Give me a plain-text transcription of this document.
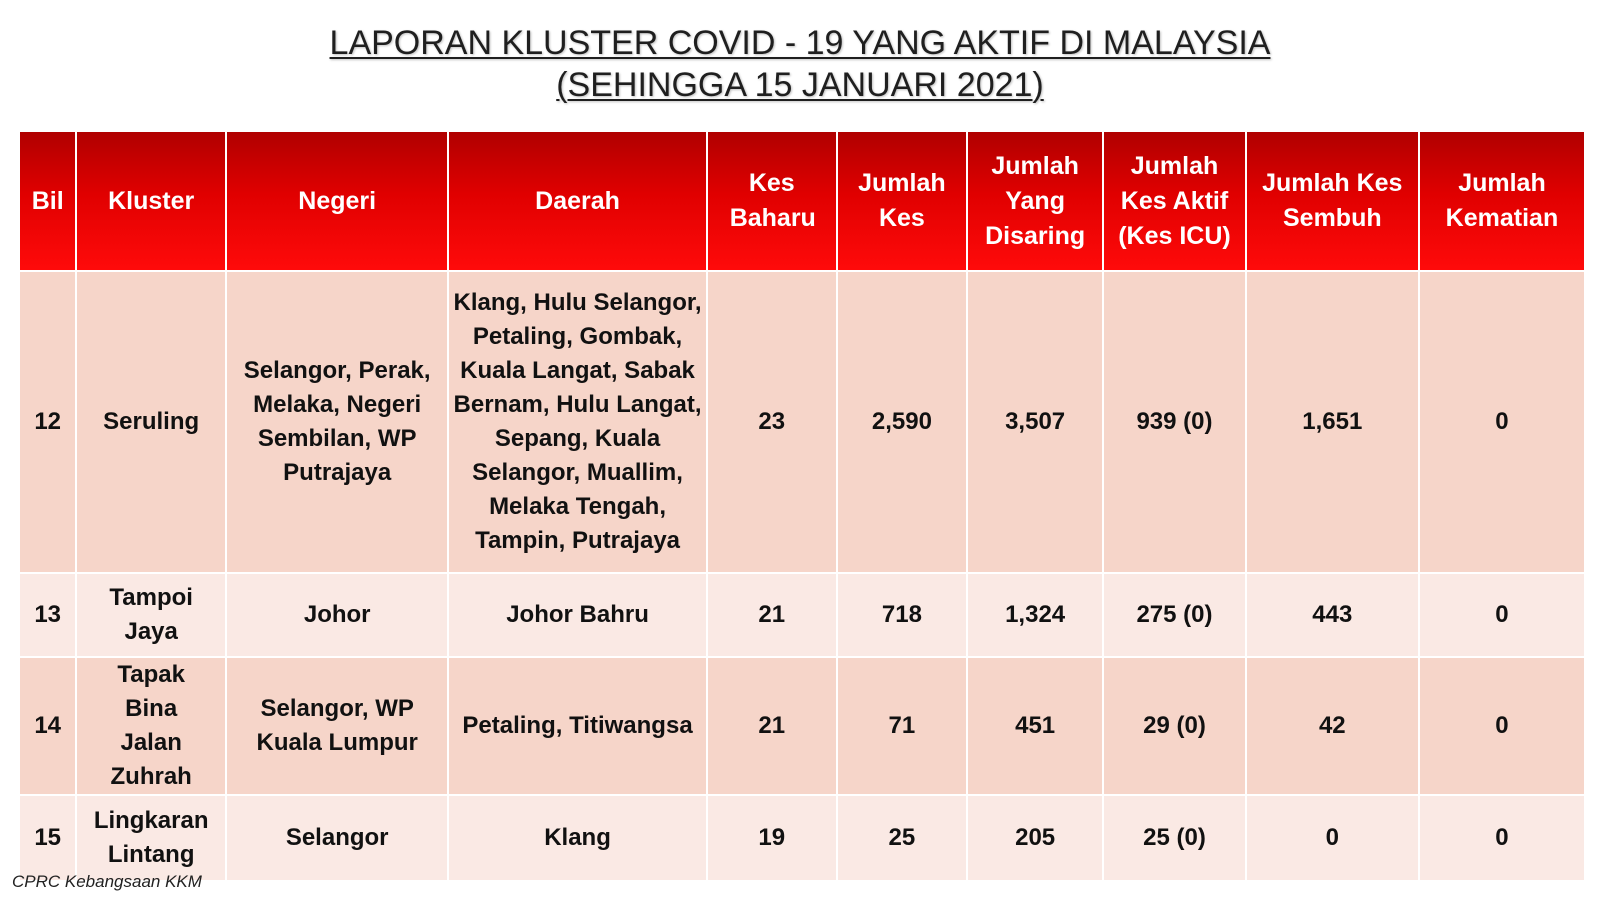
LAPORAN KLUSTER COVID - 19 YANG AKTIF DI MALAYSIA
(SEHINGGA 15 JANUARI 2021)
Bil	Kluster	Negeri	Daerah	Kes Baharu	Jumlah Kes	Jumlah Yang Disaring	Jumlah Kes Aktif (Kes ICU)	Jumlah Kes Sembuh	Jumlah Kematian
12	Seruling	Selangor, Perak, Melaka, Negeri Sembilan, WP Putrajaya	Klang, Hulu Selangor, Petaling, Gombak, Kuala Langat, Sabak Bernam, Hulu Langat, Sepang, Kuala Selangor, Muallim, Melaka Tengah, Tampin, Putrajaya	23	2,590	3,507	939 (0)	1,651	0
13	Tampoi Jaya	Johor	Johor Bahru	21	718	1,324	275 (0)	443	0
14	Tapak Bina Jalan Zuhrah	Selangor, WP Kuala Lumpur	Petaling, Titiwangsa	21	71	451	29 (0)	42	0
15	Lingkaran Lintang	Selangor	Klang	19	25	205	25 (0)	0	0
CPRC Kebangsaan KKM
